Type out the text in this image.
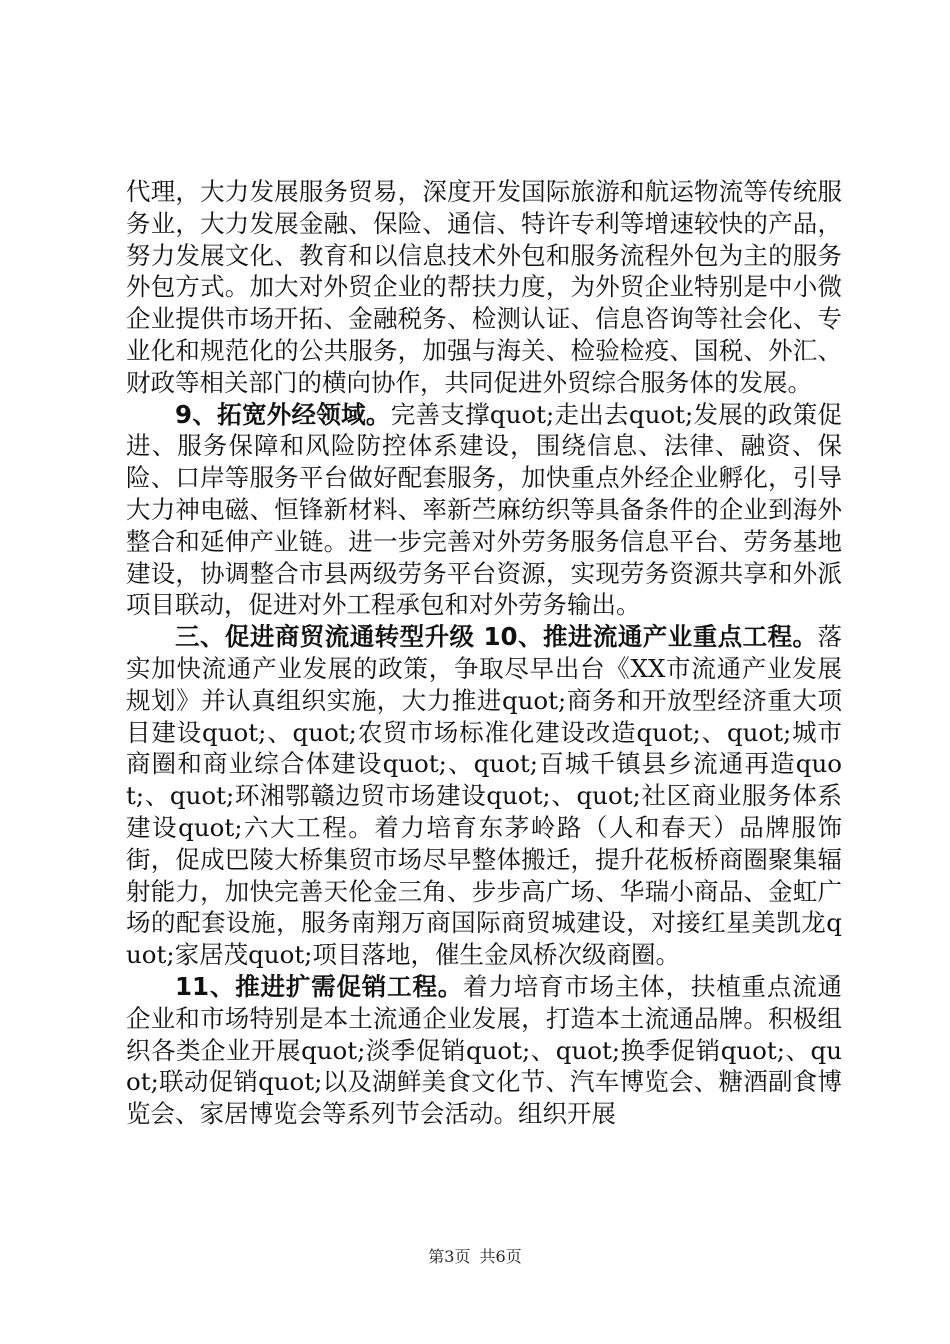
代理，大力发展服务贸易，深度开发国际旅游和航运物流等传统服务业，大力发展金融、保险、通信、特许专利等增速较快的产品，努力发展文化、教育和以信息技术外包和服务流程外包为主的服务外包方式。加大对外贸企业的帮扶力度，为外贸企业特别是中小微企业提供市场开拓、金融税务、检测认证、信息咨询等社会化、专业化和规范化的公共服务，加强与海关、检验检疫、国税、外汇、财政等相关部门的横向协作，共同促进外贸综合服务体的发展。

9、拓宽外经领域。完善支撑quot;走出去quot;发展的政策促进、服务保障和风险防控体系建设，围绕信息、法律、融资、保险、口岸等服务平台做好配套服务，加快重点外经企业孵化，引导大力神电磁、恒锋新材料、率新苎麻纺织等具备条件的企业到海外整合和延伸产业链。进一步完善对外劳务服务信息平台、劳务基地建设，协调整合市县两级劳务平台资源，实现劳务资源共享和外派项目联动，促进对外工程承包和对外劳务输出。

三、促进商贸流通转型升级 10、推进流通产业重点工程。落实加快流通产业发展的政策，争取尽早出台《XX市流通产业发展规划》并认真组织实施，大力推进quot;商务和开放型经济重大项目建设quot;、quot;农贸市场标准化建设改造quot;、quot;城市商圈和商业综合体建设quot;、quot;百城千镇县乡流通再造quot;、quot;环湘鄂赣边贸市场建设quot;、quot;社区商业服务体系建设quot;六大工程。着力培育东茅岭路（人和春天）品牌服饰街，促成巴陵大桥集贸市场尽早整体搬迁，提升花板桥商圈聚集辐射能力，加快完善天伦金三角、步步高广场、华瑞小商品、金虹广场的配套设施，服务南翔万商国际商贸城建设，对接红星美凯龙quot;家居茂quot;项目落地，催生金凤桥次级商圈。

11、推进扩需促销工程。着力培育市场主体，扶植重点流通企业和市场特别是本土流通企业发展，打造本土流通品牌。积极组织各类企业开展quot;淡季促销quot;、quot;换季促销quot;、quot;联动促销quot;以及湖鲜美食文化节、汽车博览会、糖酒副食博览会、家居博览会等系列节会活动。组织开展

第3页 共6页
